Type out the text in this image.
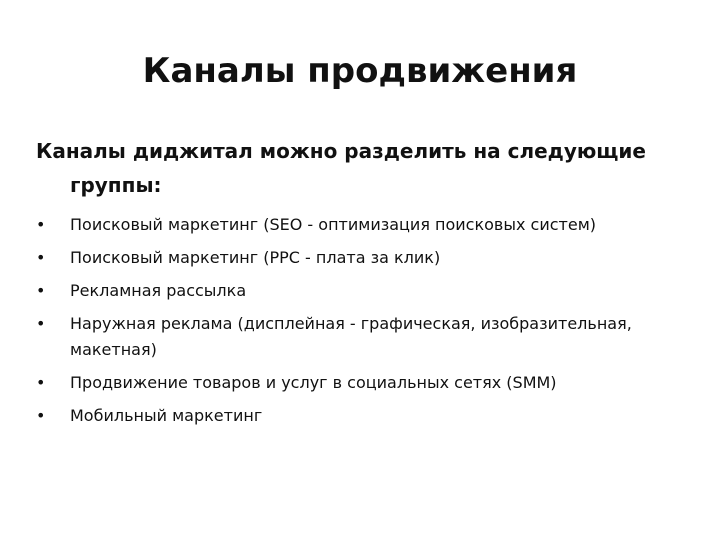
Каналы продвижения

Каналы диджитал можно разделить на следующие группы:

• Поисковый маркетинг (SEO - оптимизация поисковых систем)
• Поисковый маркетинг (PPC - плата за клик)
• Рекламная рассылка
• Наружная реклама (дисплейная - графическая, изобразительная, макетная)
• Продвижение товаров и услуг в социальных сетях (SMM)
• Мобильный маркетинг
